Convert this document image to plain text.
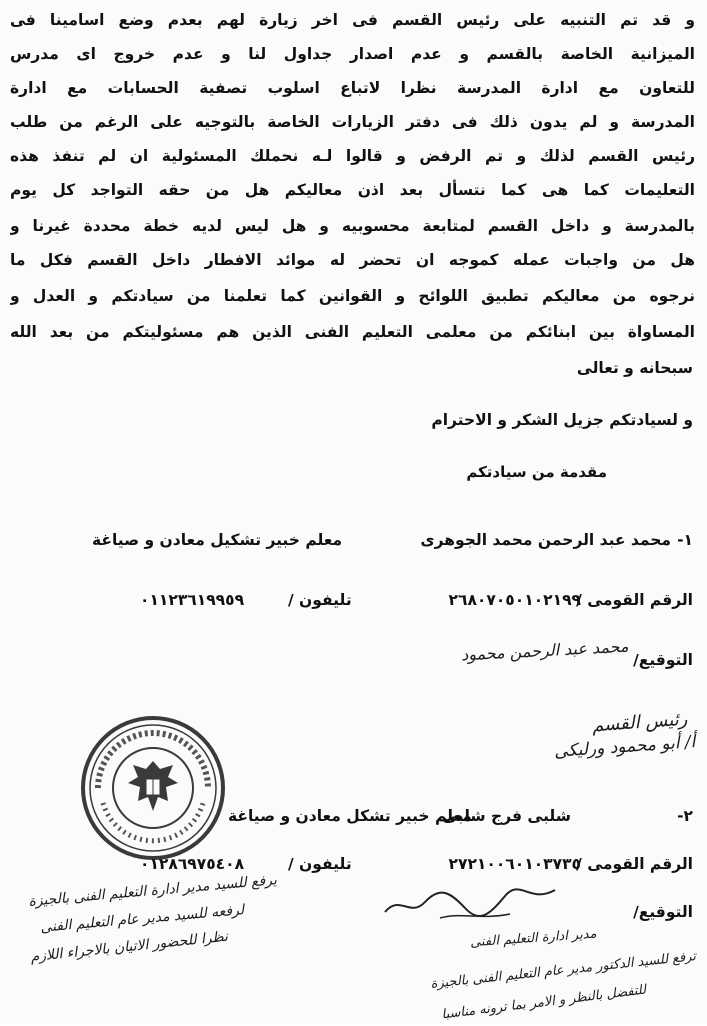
و قد تم التنبيه على رئيس القسم فى اخر زيارة لهم بعدم وضع اسامينا فى
الميزانية الخاصة بالقسم و عدم اصدار جداول لنا و عدم خروج اى مدرس
للتعاون مع ادارة المدرسة نظرا لاتباع اسلوب تصفية الحسابات مع ادارة
المدرسة و لم يدون ذلك فى دفتر الزيارات الخاصة بالتوجيه على الرغم من طلب
رئيس القسم لذلك و تم الرفض و قالوا لـه نحملك المسئولية ان لم تنفذ هذه
التعليمات كما هى كما نتسأل بعد اذن معاليكم هل من حقه التواجد كل يوم
بالمدرسة و داخل القسم لمتابعة محسوبيه و هل ليس لديه خطة محددة غيرنا و
هل من واجبات عمله كموجه ان تحضر له موائد الافطار داخل القسم فكل ما
نرجوه من معاليكم تطبيق اللوائح و القوانين كما تعلمنا من سيادتكم و العدل و
المساواة بين ابنائكم من معلمى التعليم الفنى الذين هم مسئوليتكم من بعد الله
سبحانه و تعالى
و لسيادتكم جزيل الشكر و الاحترام
مقدمة من سيادتكم
١-
محمد عبد الرحمن محمد الجوهرى
معلم خبير تشكيل معادن و صياغة
الرقم القومى /
٢٦٨٠٧٠٥٠١٠٢١٩٩
تليفون /
٠١١٢٣٦١٩٩٥٩
التوقيع/
محمد عبد الرحمن محمود
رئيس القسم
أ/ أبو محمود ورليكى
٢-
شلبى فرج شلبى.
معلم خبير تشكل معادن و صياغة
الرقم القومى /
٢٧٢١٠٠٦٠١٠٣٧٣٥
تليفون /
٠١٢٨٦٩٧٥٤٠٨
التوقيع/
يرفع للسيد مدير ادارة التعليم الفنى بالجيزة
لرفعه للسيد مدير عام التعليم الفنى
نظرا للحضور الاتيان بالاجراء اللازم	مدير ادارة التعليم الفنى
ترفع للسيد الدكتور مدير عام التعليم الفنى بالجيزة
للتفضل بالنظر و الامر بما ترونه مناسبا
